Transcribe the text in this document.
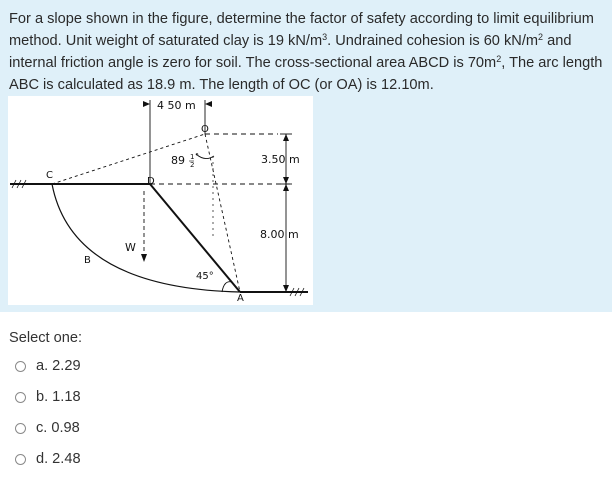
For a slope shown in the figure, determine the factor of safety according to limit equilibrium method. Unit weight of saturated clay is 19 $kN/m^3$. Undrained cohesion is 60 $kN/m^2$ and internal friction angle is zero for soil. The cross-sectional area ABCD is $70m^2$, The arc length ABC is calculated as 18.9 m. The length of OC (or OA) is 12.10m.
4 50 m
O
C
D
A
B
W
89 1
2
°	3.50 m
8.00 m
45°
Select one:
a. 2.29
b. 1.18
c. 0.98
d. 2.48
